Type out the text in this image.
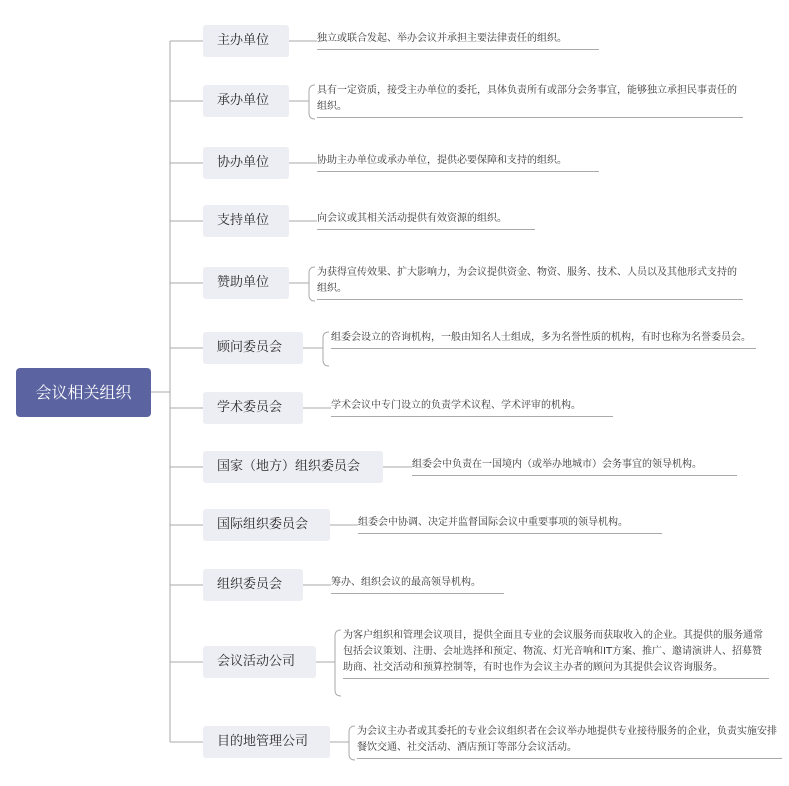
会议相关组织
主办单位	独立或联合发起、举办会议并承担主要法律责任的组织。
承办单位
具有一定资质，接受主办单位的委托，具体负责所有或部分会务事宜，能够独立承担民事责任的组织。
协办单位	协助主办单位或承办单位，提供必要保障和支持的组织。
支持单位	向会议或其相关活动提供有效资源的组织。
赞助单位
为获得宣传效果、扩大影响力，为会议提供资金、物资、服务、技术、人员以及其他形式支持的组织。
顾问委员会
组委会设立的咨询机构，一般由知名人士组成，多为名誉性质的机构，有时也称为名誉委员会。
学术委员会	学术会议中专门设立的负责学术议程、学术评审的机构。
国家（地方）组织委员会	组委会中负责在一国境内（或举办地城市）会务事宜的领导机构。
国际组织委员会	组委会中协调、决定并监督国际会议中重要事项的领导机构。
组织委员会	筹办、组织会议的最高领导机构。
会议活动公司
为客户组织和管理会议项目，提供全面且专业的会议服务而获取收入的企业。其提供的服务通常包括会议策划、注册、会址选择和预定、物流、灯光音响和IT方案、推广、邀请演讲人、招募赞助商、社交活动和预算控制等，有时也作为会议主办者的顾问为其提供会议咨询服务。
目的地管理公司
为会议主办者或其委托的专业会议组织者在会议举办地提供专业接待服务的企业，负责实施安排餐饮交通、社交活动、酒店预订等部分会议活动。
